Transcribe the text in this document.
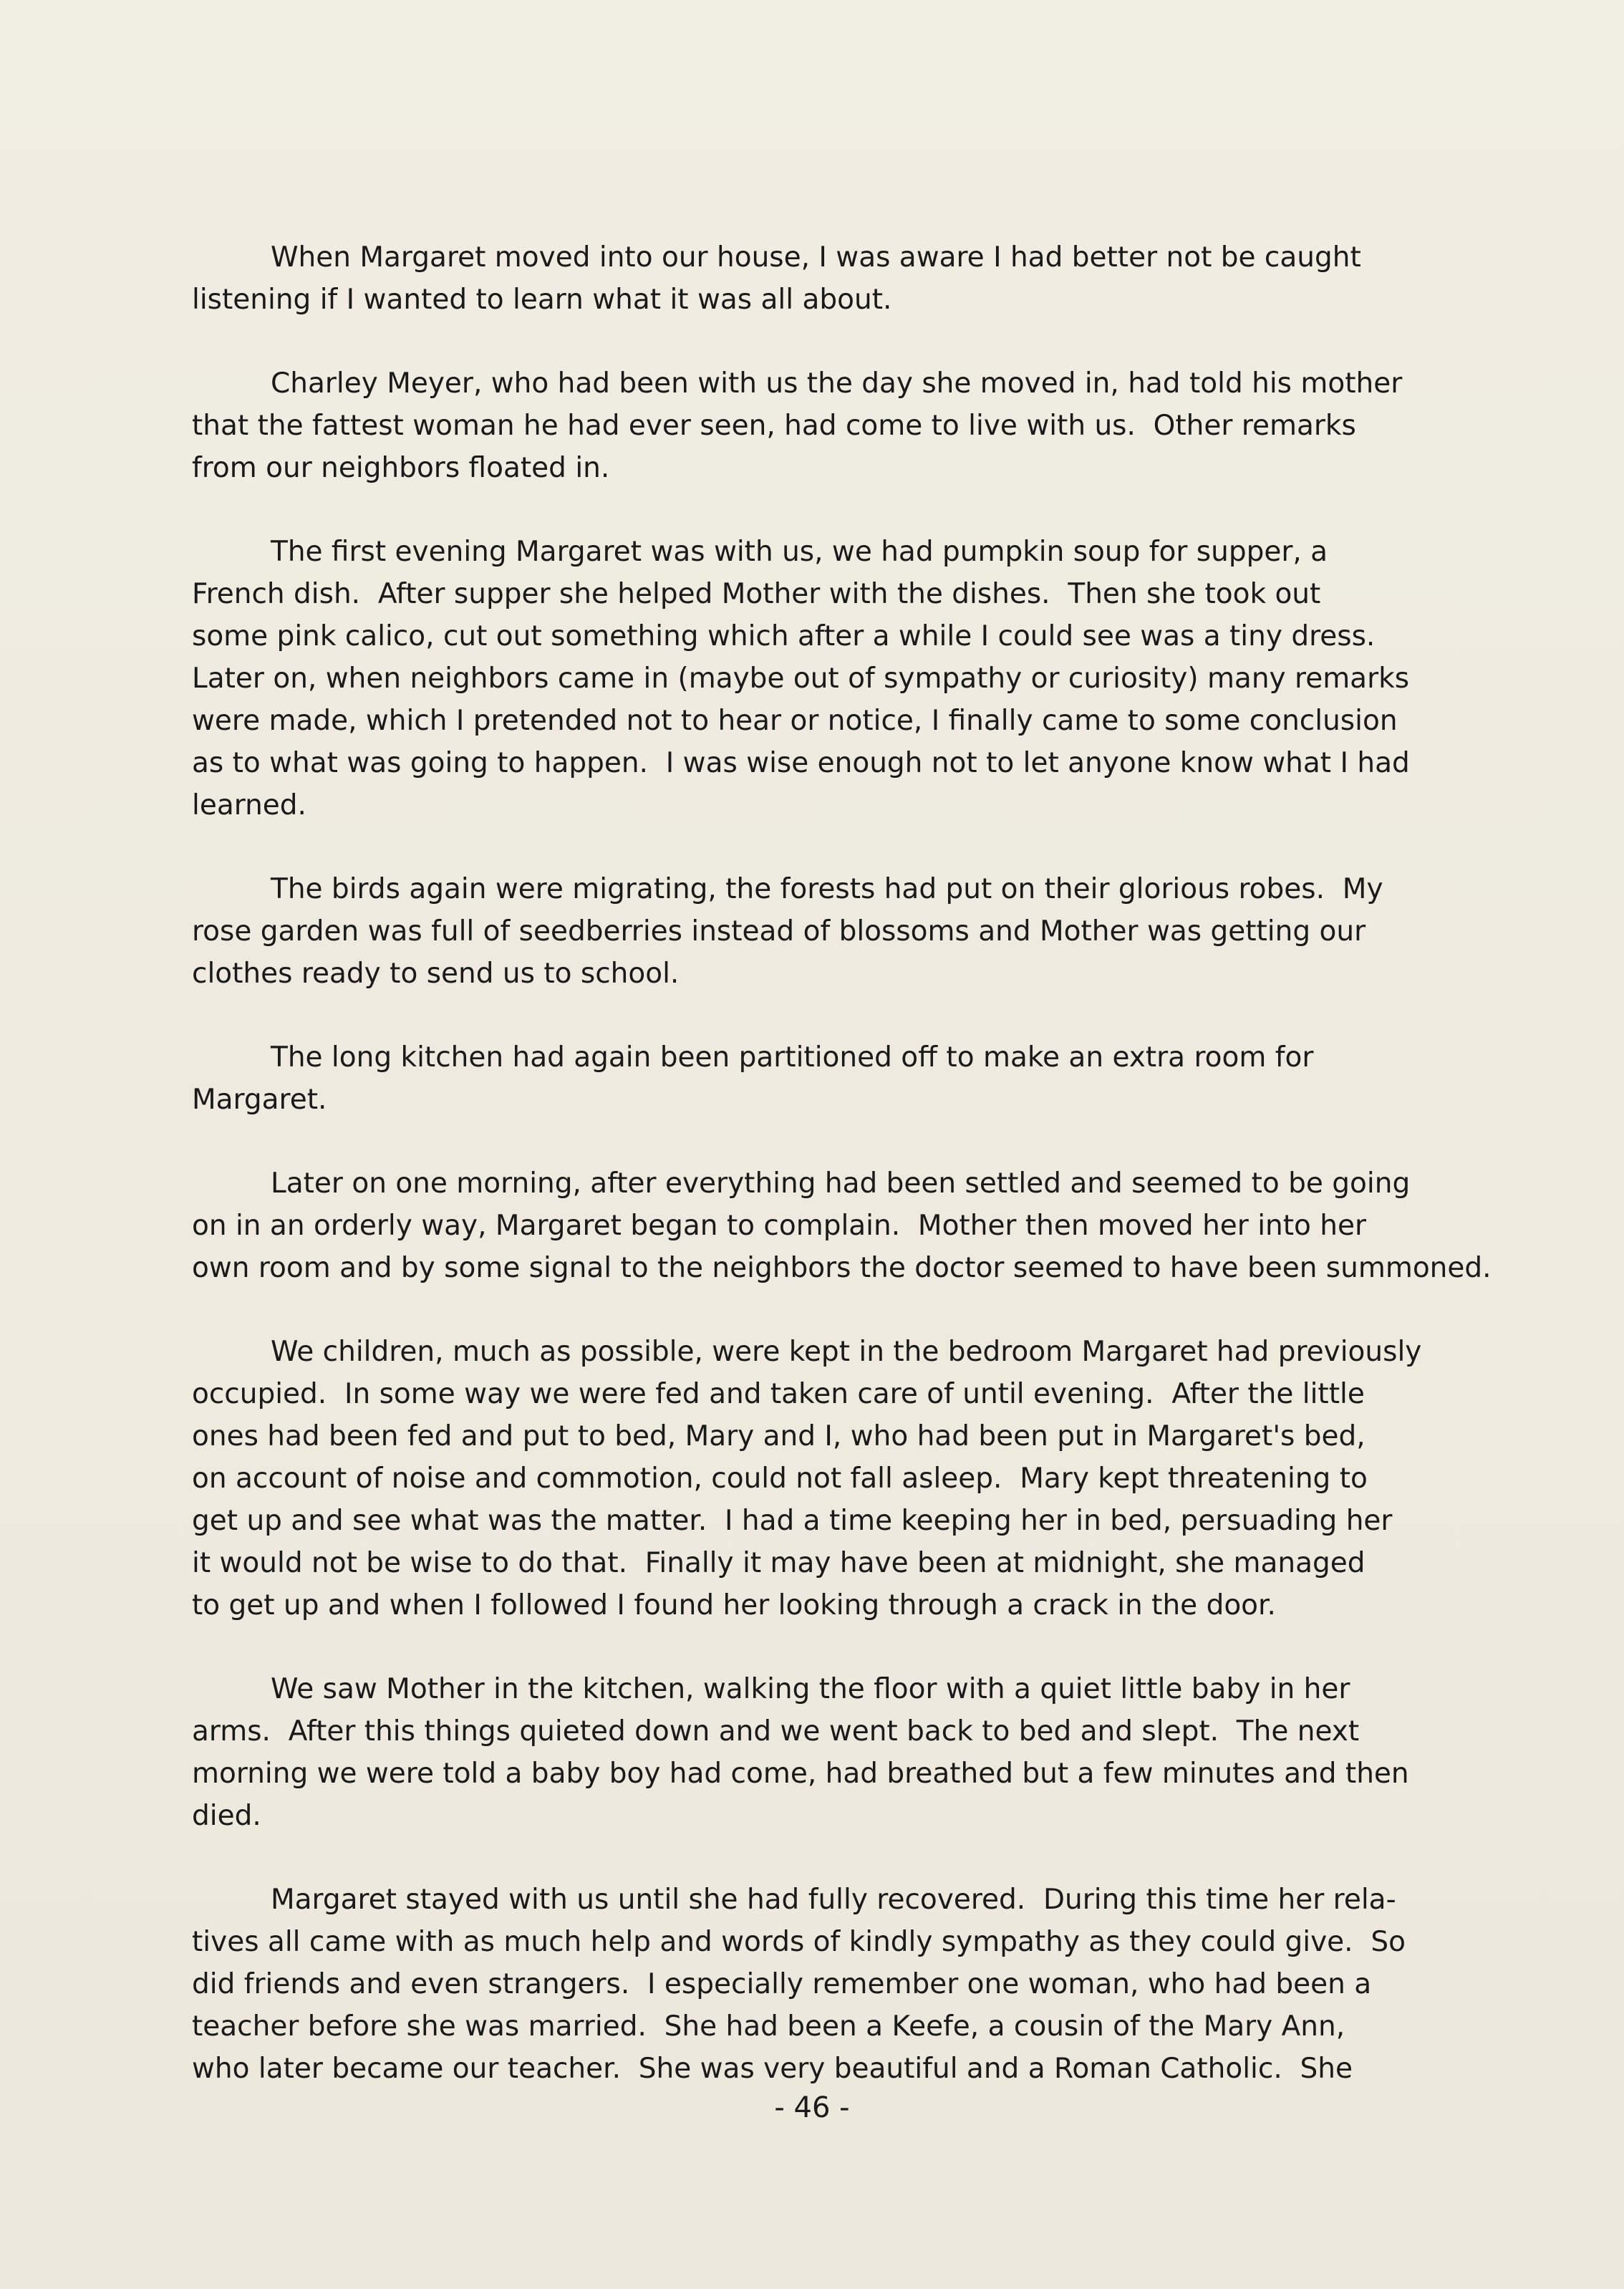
When Margaret moved into our house, I was aware I had better not be caught
listening if I wanted to learn what it was all about.

Charley Meyer, who had been with us the day she moved in, had told his mother
that the fattest woman he had ever seen, had come to live with us.  Other remarks
from our neighbors floated in.

The first evening Margaret was with us, we had pumpkin soup for supper, a
French dish.  After supper she helped Mother with the dishes.  Then she took out
some pink calico, cut out something which after a while I could see was a tiny dress.
Later on, when neighbors came in (maybe out of sympathy or curiosity) many remarks
were made, which I pretended not to hear or notice, I finally came to some conclusion
as to what was going to happen.  I was wise enough not to let anyone know what I had
learned.

The birds again were migrating, the forests had put on their glorious robes.  My
rose garden was full of seedberries instead of blossoms and Mother was getting our
clothes ready to send us to school.

The long kitchen had again been partitioned off to make an extra room for
Margaret.

Later on one morning, after everything had been settled and seemed to be going
on in an orderly way, Margaret began to complain.  Mother then moved her into her
own room and by some signal to the neighbors the doctor seemed to have been summoned.

We children, much as possible, were kept in the bedroom Margaret had previously
occupied.  In some way we were fed and taken care of until evening.  After the little
ones had been fed and put to bed, Mary and I, who had been put in Margaret's bed,
on account of noise and commotion, could not fall asleep.  Mary kept threatening to
get up and see what was the matter.  I had a time keeping her in bed, persuading her
it would not be wise to do that.  Finally it may have been at midnight, she managed
to get up and when I followed I found her looking through a crack in the door.

We saw Mother in the kitchen, walking the floor with a quiet little baby in her
arms.  After this things quieted down and we went back to bed and slept.  The next
morning we were told a baby boy had come, had breathed but a few minutes and then
died.

Margaret stayed with us until she had fully recovered.  During this time her rela-
tives all came with as much help and words of kindly sympathy as they could give.  So
did friends and even strangers.  I especially remember one woman, who had been a
teacher before she was married.  She had been a Keefe, a cousin of the Mary Ann,
who later became our teacher.  She was very beautiful and a Roman Catholic.  She

- 46 -
